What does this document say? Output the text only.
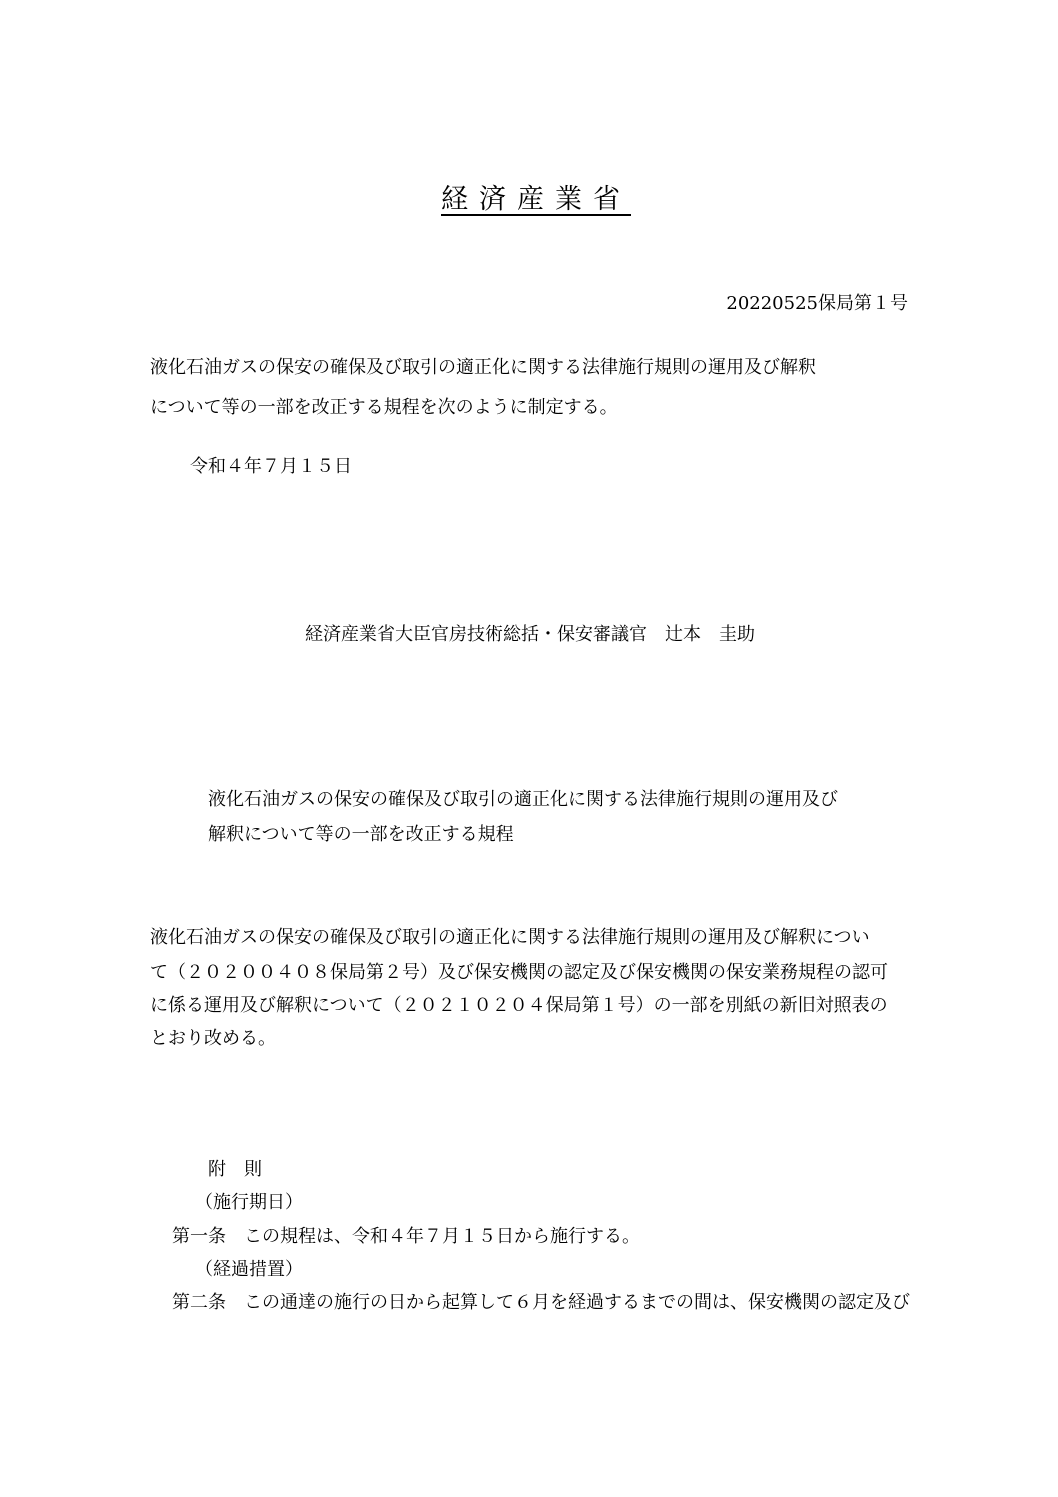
経済産業省
20220525保局第１号
液化石油ガスの保安の確保及び取引の適正化に関する法律施行規則の運用及び解釈
について等の一部を改正する規程を次のように制定する。
令和４年７月１５日
経済産業省大臣官房技術総括・保安審議官　辻本　圭助
液化石油ガスの保安の確保及び取引の適正化に関する法律施行規則の運用及び
解釈について等の一部を改正する規程
液化石油ガスの保安の確保及び取引の適正化に関する法律施行規則の運用及び解釈につい
て（２０２００４０８保局第２号）及び保安機関の認定及び保安機関の保安業務規程の認可
に係る運用及び解釈について（２０２１０２０４保局第１号）の一部を別紙の新旧対照表の
とおり改める。
附　則
（施行期日）
第一条　この規程は、令和４年７月１５日から施行する。
（経過措置）
第二条　この通達の施行の日から起算して６月を経過するまでの間は、保安機関の認定及び
